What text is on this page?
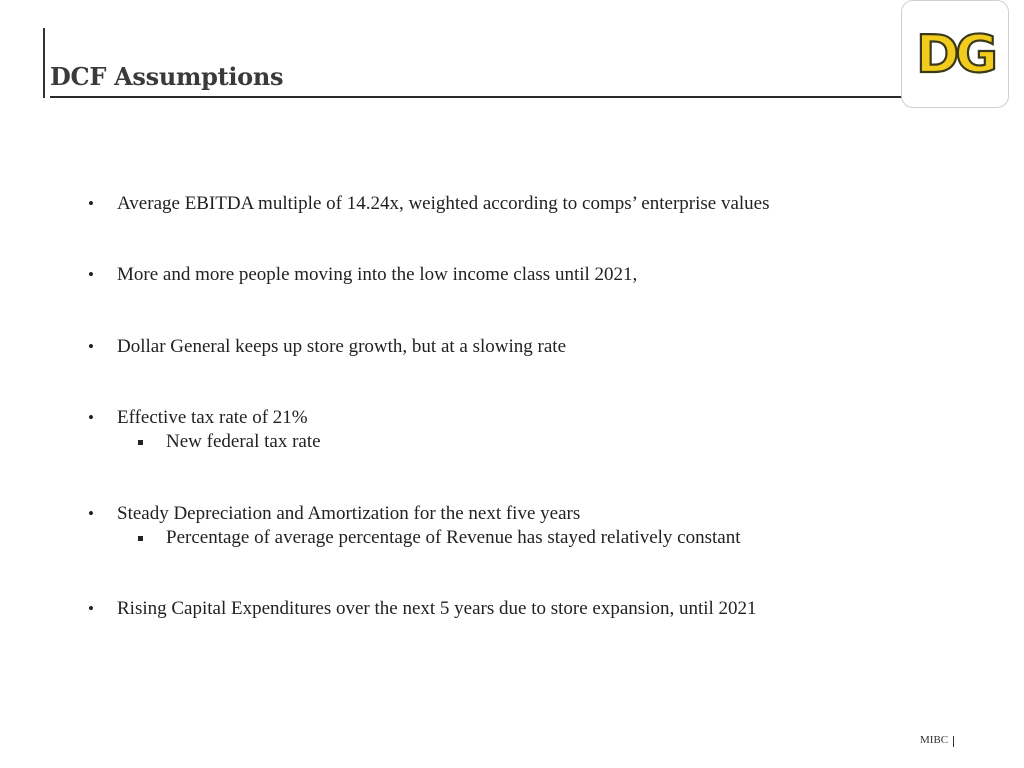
DCF Assumptions	DG
•	Average EBITDA multiple of 14.24x, weighted according to comps’ enterprise values
•	More and more people moving into the low income class until 2021,
•	Dollar General keeps up store growth, but at a slowing rate
•	Effective tax rate of 21%
New federal tax rate
•	Steady Depreciation and Amortization for the next five years
Percentage of average percentage of Revenue has stayed relatively constant
•	Rising Capital Expenditures over the next 5 years due to store expansion, until 2021
MIBC
